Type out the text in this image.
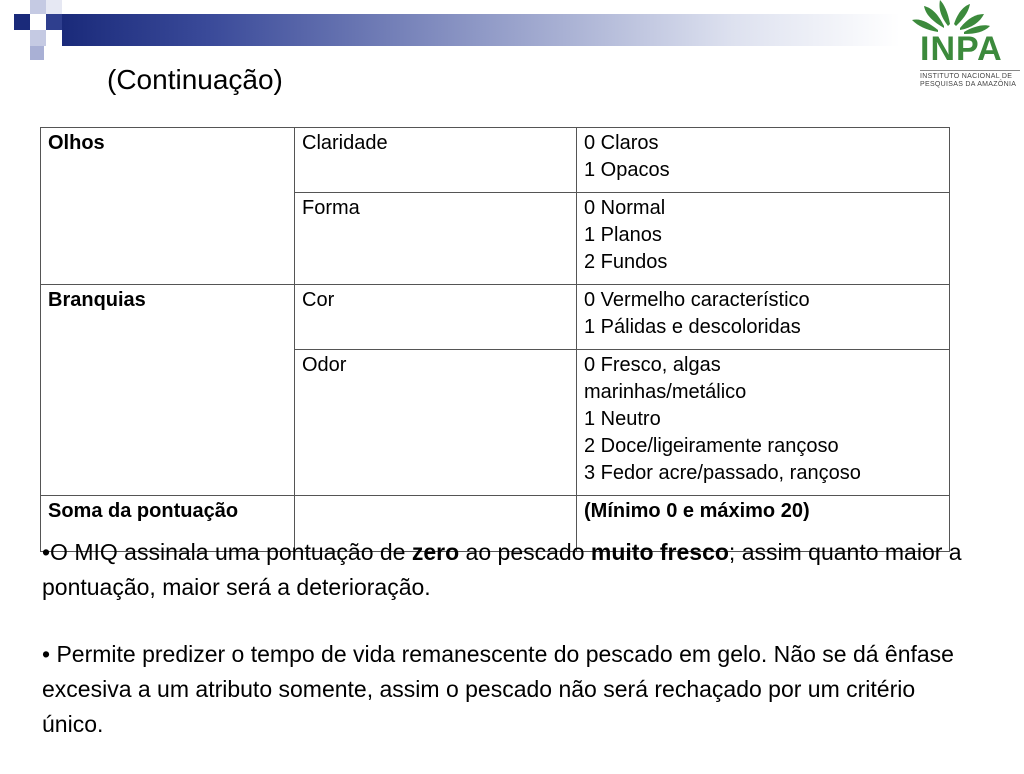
INPA
INSTITUTO NACIONAL DE
PESQUISAS DA AMAZÔNIA
(Continuação)
Olhos	Claridade	0 Claros
1 Opacos

	Forma	0 Normal
1 Planos
2 Fundos

Branquias	Cor	0 Vermelho característico
1 Pálidas e descoloridas

	Odor	0 Fresco, algas
marinhas/metálico
1 Neutro
2 Doce/ligeiramente rançoso
3 Fedor acre/passado, rançoso

Soma da pontuação		(Mínimo 0 e máximo 20)

•O MIQ assinala uma pontuação de zero ao pescado muito fresco; assim quanto maior a pontuação, maior será a deterioração.

• Permite predizer o tempo de vida remanescente do pescado em gelo. Não se dá ênfase excesiva a um atributo somente, assim o pescado não será rechaçado por um critério único.
